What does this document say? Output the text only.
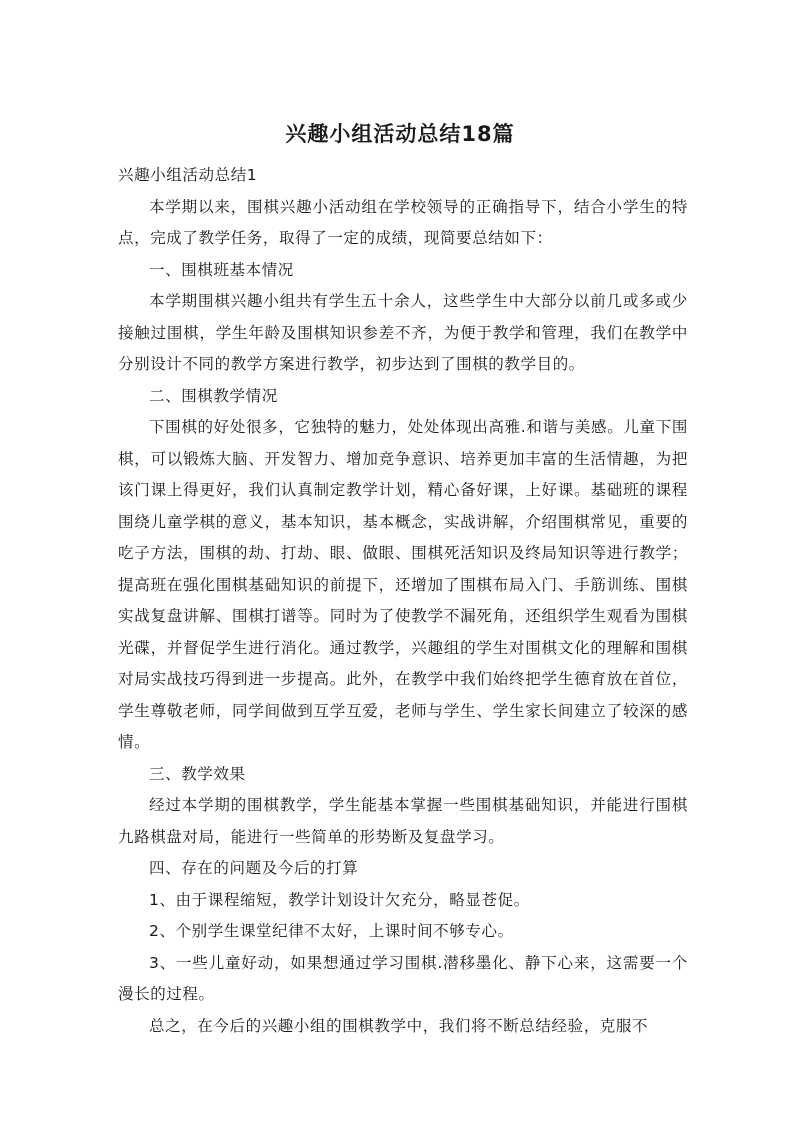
兴趣小组活动总结18篇

兴趣小组活动总结1

本学期以来，围棋兴趣小活动组在学校领导的正确指导下，结合小学生的特点，完成了教学任务，取得了一定的成绩，现简要总结如下：

一、围棋班基本情况

本学期围棋兴趣小组共有学生五十余人，这些学生中大部分以前几或多或少接触过围棋，学生年龄及围棋知识参差不齐，为便于教学和管理，我们在教学中分别设计不同的教学方案进行教学，初步达到了围棋的教学目的。

二、围棋教学情况

下围棋的好处很多，它独特的魅力，处处体现出高雅.和谐与美感。儿童下围棋，可以锻炼大脑、开发智力、增加竞争意识、培养更加丰富的生活情趣，为把该门课上得更好，我们认真制定教学计划，精心备好课，上好课。基础班的课程围绕儿童学棋的意义，基本知识，基本概念，实战讲解，介绍围棋常见，重要的吃子方法，围棋的劫、打劫、眼、做眼、围棋死活知识及终局知识等进行教学；提高班在强化围棋基础知识的前提下，还增加了围棋布局入门、手筋训练、围棋实战复盘讲解、围棋打谱等。同时为了使教学不漏死角，还组织学生观看为围棋光碟，并督促学生进行消化。通过教学，兴趣组的学生对围棋文化的理解和围棋对局实战技巧得到进一步提高。此外，在教学中我们始终把学生德育放在首位，学生尊敬老师，同学间做到互学互爱，老师与学生、学生家长间建立了较深的感情。

三、教学效果

经过本学期的围棋教学，学生能基本掌握一些围棋基础知识，并能进行围棋九路棋盘对局，能进行一些简单的形势断及复盘学习。

四、存在的问题及今后的打算

1、由于课程缩短，教学计划设计欠充分，略显苍促。

2、个别学生课堂纪律不太好，上课时间不够专心。

3、一些儿童好动，如果想通过学习围棋.潜移墨化、静下心来，这需要一个漫长的过程。

总之，在今后的兴趣小组的围棋教学中，我们将不断总结经验，克服不
